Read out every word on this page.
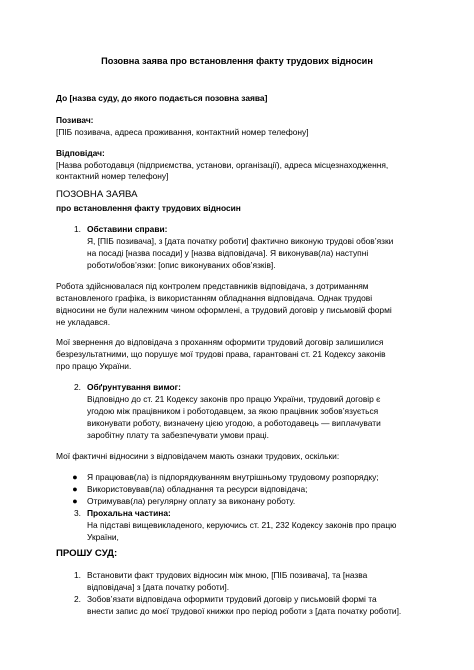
Позовна заява про встановлення факту трудових відносин

До [назва суду, до якого подається позовна заява]

Позивач:

[ПІБ позивача, адреса проживання, контактний номер телефону]

Відповідач:

[Назва роботодавця (підприємства, установи, організації), адреса місцезнаходження,

контактний номер телефону]

ПОЗОВНА ЗАЯВА

про встановлення факту трудових відносин

1. Обставини справи:

Я, [ПІБ позивача], з [дата початку роботи] фактично виконую трудові обов’язки

на посаді [назва посади] у [назва відповідача]. Я виконував(ла) наступні

роботи/обов’язки: [опис виконуваних обов’язків].

Робота здійснювалася під контролем представників відповідача, з дотриманням

встановленого графіка, із використанням обладнання відповідача. Однак трудові

відносини не були належним чином оформлені, а трудовий договір у письмовій формі

не укладався.

Мої звернення до відповідача з проханням оформити трудовий договір залишилися

безрезультатними, що порушує мої трудові права, гарантовані ст. 21 Кодексу законів

про працю України.

2. Обґрунтування вимог:

Відповідно до ст. 21 Кодексу законів про працю України, трудовий договір є

угодою між працівником і роботодавцем, за якою працівник зобов’язується

виконувати роботу, визначену цією угодою, а роботодавець — виплачувати

заробітну плату та забезпечувати умови праці.

Мої фактичні відносини з відповідачем мають ознаки трудових, оскільки:

● Я працював(ла) із підпорядкуванням внутрішньому трудовому розпорядку;

● Використовував(ла) обладнання та ресурси відповідача;

● Отримував(ла) регулярну оплату за виконану роботу.

3. Прохальна частина:

На підставі вищевикладеного, керуючись ст. 21, 232 Кодексу законів про працю

України,

ПРОШУ СУД:

1. Встановити факт трудових відносин між мною, [ПІБ позивача], та [назва

відповідача] з [дата початку роботи].

2. Зобов’язати відповідача оформити трудовий договір у письмовій формі та

внести запис до моєї трудової книжки про період роботи з [дата початку роботи].
